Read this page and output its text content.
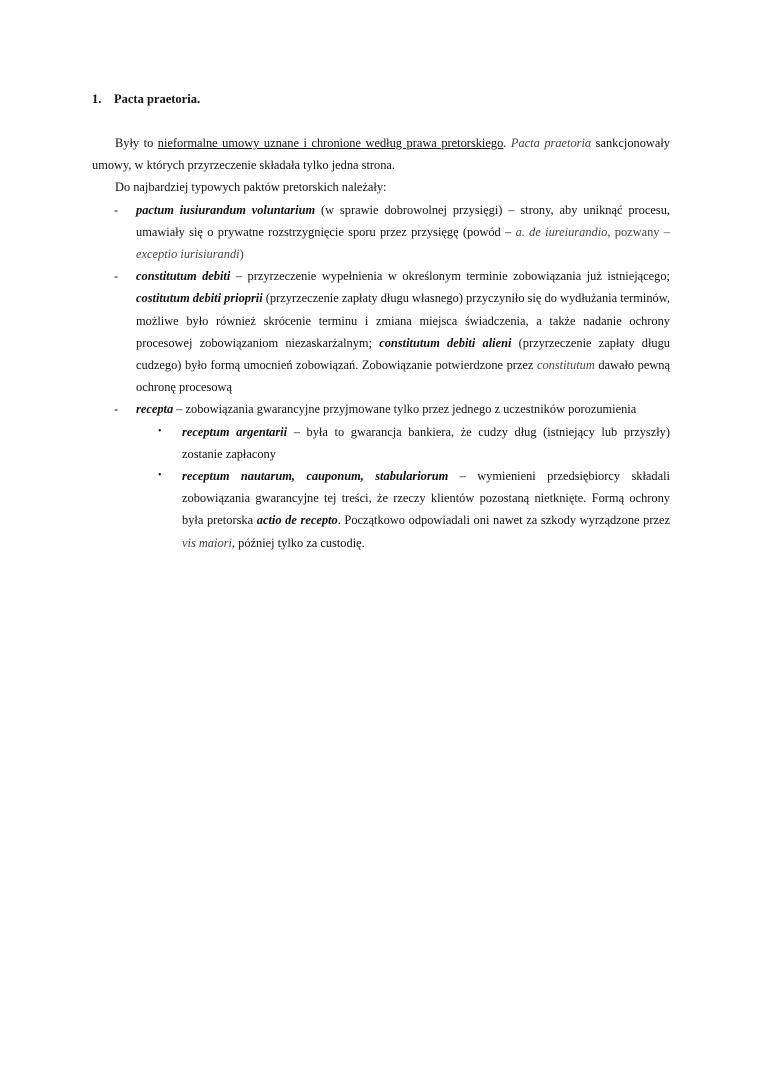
1. Pacta praetoria.

Były to nieformalne umowy uznane i chronione według prawa pretorskiego. Pacta praetoria sankcjonowały umowy, w których przyrzeczenie składała tylko jedna strona.

Do najbardziej typowych paktów pretorskich należały:

- pactum iusiurandum voluntarium (w sprawie dobrowolnej przysięgi) – strony, aby uniknąć procesu, umawiały się o prywatne rozstrzygnięcie sporu przez przysięgę (powód – a. de iureiurandio, pozwany – exceptio iurisiurandi)
- constitutum debiti – przyrzeczenie wypełnienia w określonym terminie zobowiązania już istniejącego; costitutum debiti prioprii (przyrzeczenie zapłaty długu własnego) przyczyniło się do wydłużania terminów, możliwe było również skrócenie terminu i zmiana miejsca świadczenia, a także nadanie ochrony procesowej zobowiązaniom niezaskarżalnym; constitutum debiti alieni (przyrzeczenie zapłaty długu cudzego) było formą umocnień zobowiązań. Zobowiązanie potwierdzone przez constitutum dawało pewną ochronę procesową
- recepta – zobowiązania gwarancyjne przyjmowane tylko przez jednego z uczestników porozumienia
• receptum argentarii – była to gwarancja bankiera, że cudzy dług (istniejący lub przyszły) zostanie zapłacony
• receptum nautarum, cauponum, stabulariorum – wymienieni przedsiębiorcy składali zobowiązania gwarancyjne tej treści, że rzeczy klientów pozostaną nietknięte. Formą ochrony była pretorska actio de recepto. Początkowo odpowiadali oni nawet za szkody wyrządzone przez vis maiori, później tylko za custodię.
